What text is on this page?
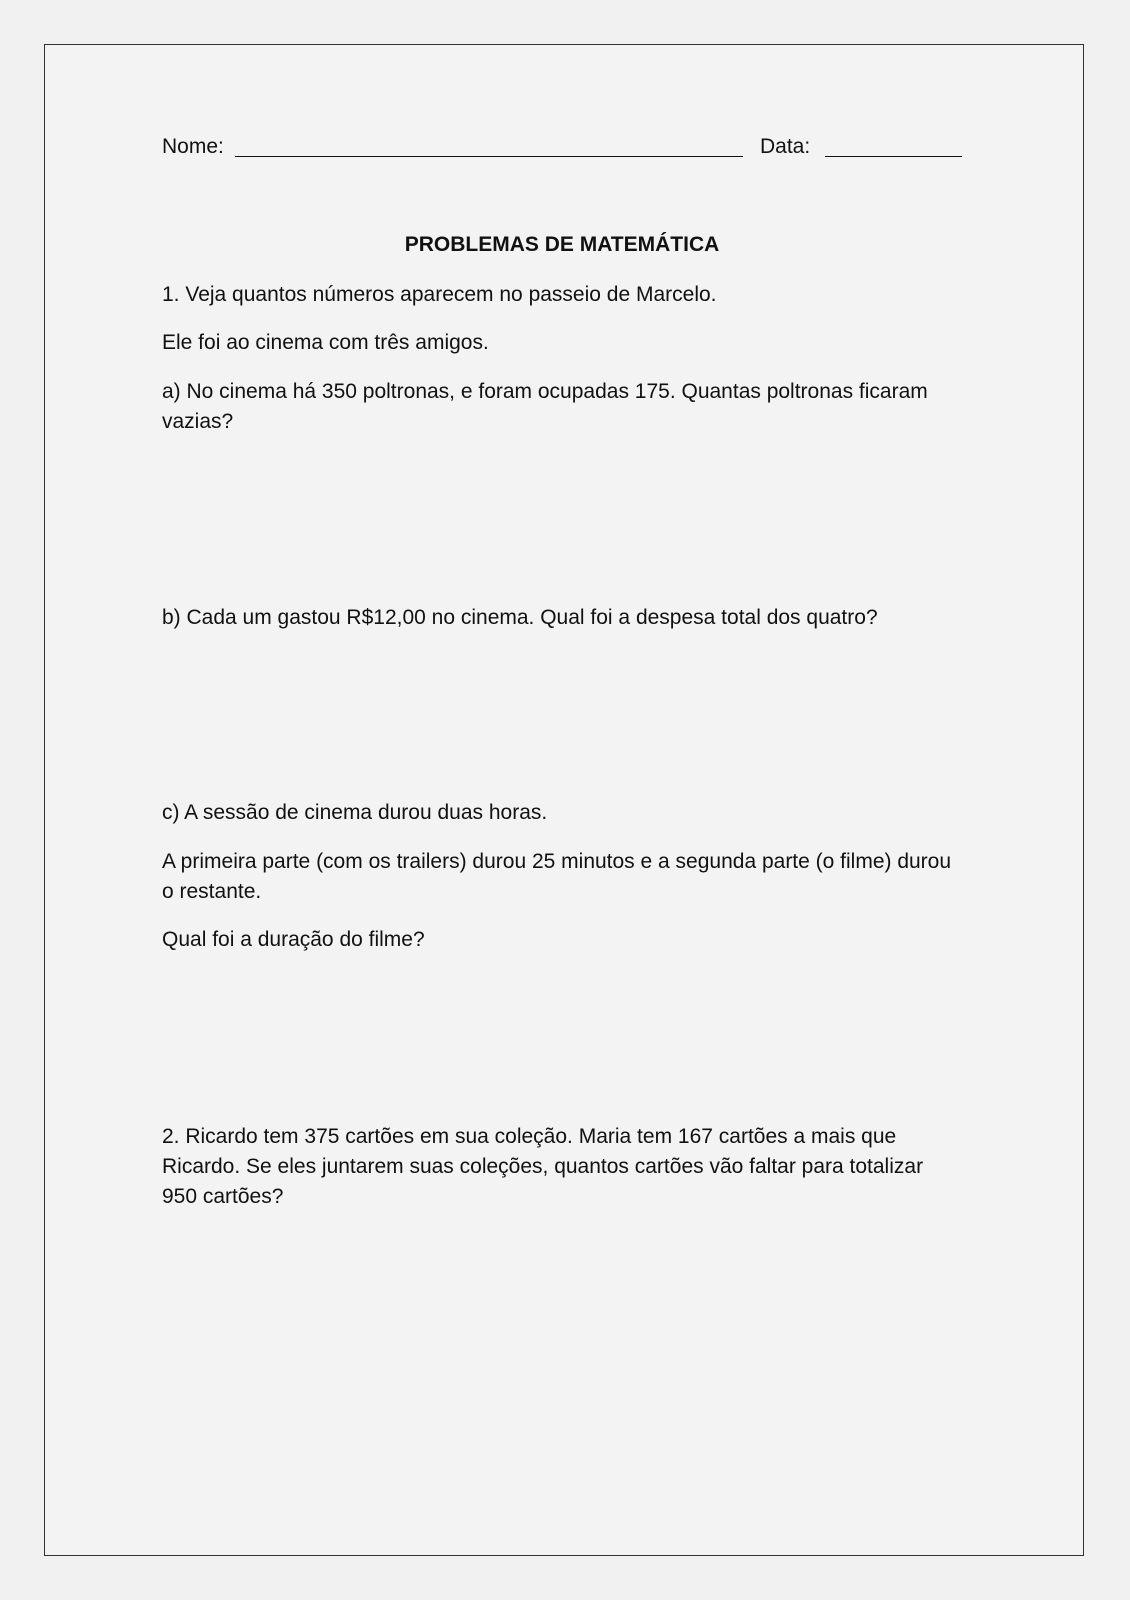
Nome:	Data:
PROBLEMAS DE MATEMÁTICA
1. Veja quantos números aparecem no passeio de Marcelo.
Ele foi ao cinema com três amigos.
a) No cinema há 350 poltronas, e foram ocupadas 175. Quantas poltronas ficaram vazias?
b) Cada um gastou R$12,00 no cinema. Qual foi a despesa total dos quatro?
c) A sessão de cinema durou duas horas.
A primeira parte (com os trailers) durou 25 minutos e a segunda parte (o filme) durou o restante.
Qual foi a duração do filme?
2. Ricardo tem 375 cartões em sua coleção. Maria tem 167 cartões a mais que Ricardo. Se eles juntarem suas coleções, quantos cartões vão faltar para totalizar 950 cartões?
